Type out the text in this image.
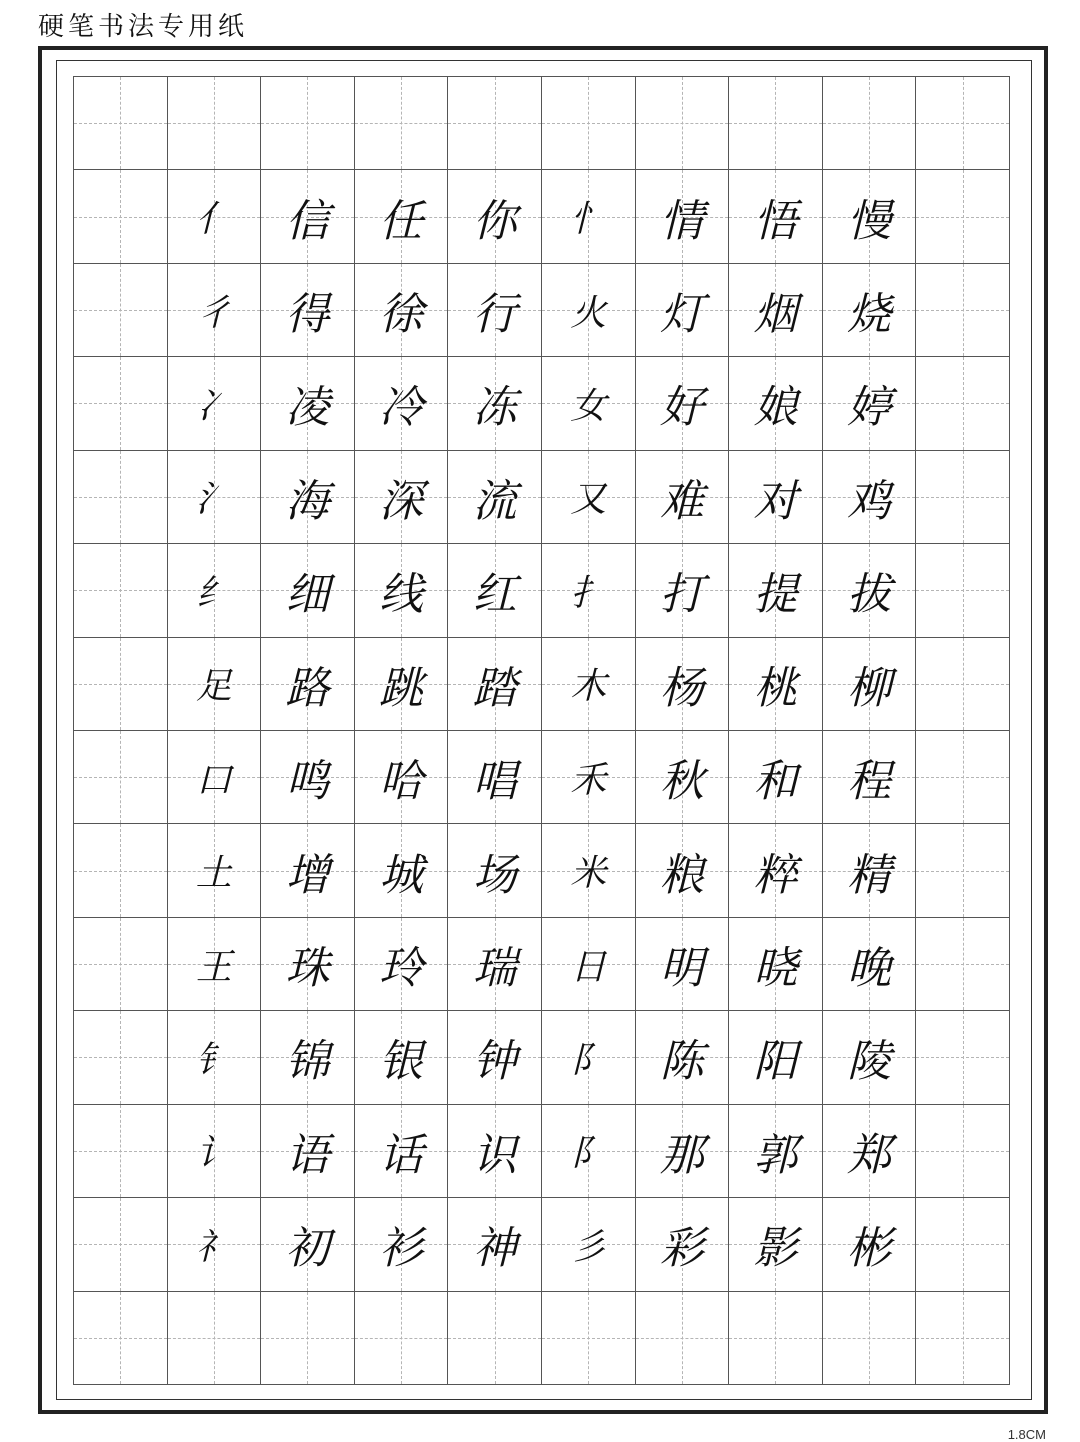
硬笔书法专用纸
亻 信 任 你 忄 情 悟 慢
彳 得 徐 行 火 灯 烟 烧
冫 凌 冷 冻 女 好 娘 婷
氵 海 深 流 又 难 对 鸡
纟 细 线 红 扌 打 提 拔
足 路 跳 踏 木 杨 桃 柳
口 鸣 哈 唱 禾 秋 和 程
土 增 城 场 米 粮 粹 精
王 珠 玲 瑞 日 明 晓 晚
钅 锦 银 钟 阝 陈 阳 陵
讠 语 话 识 阝 那 郭 郑
礻 初 衫 神 彡 彩 影 彬
1.8CM
